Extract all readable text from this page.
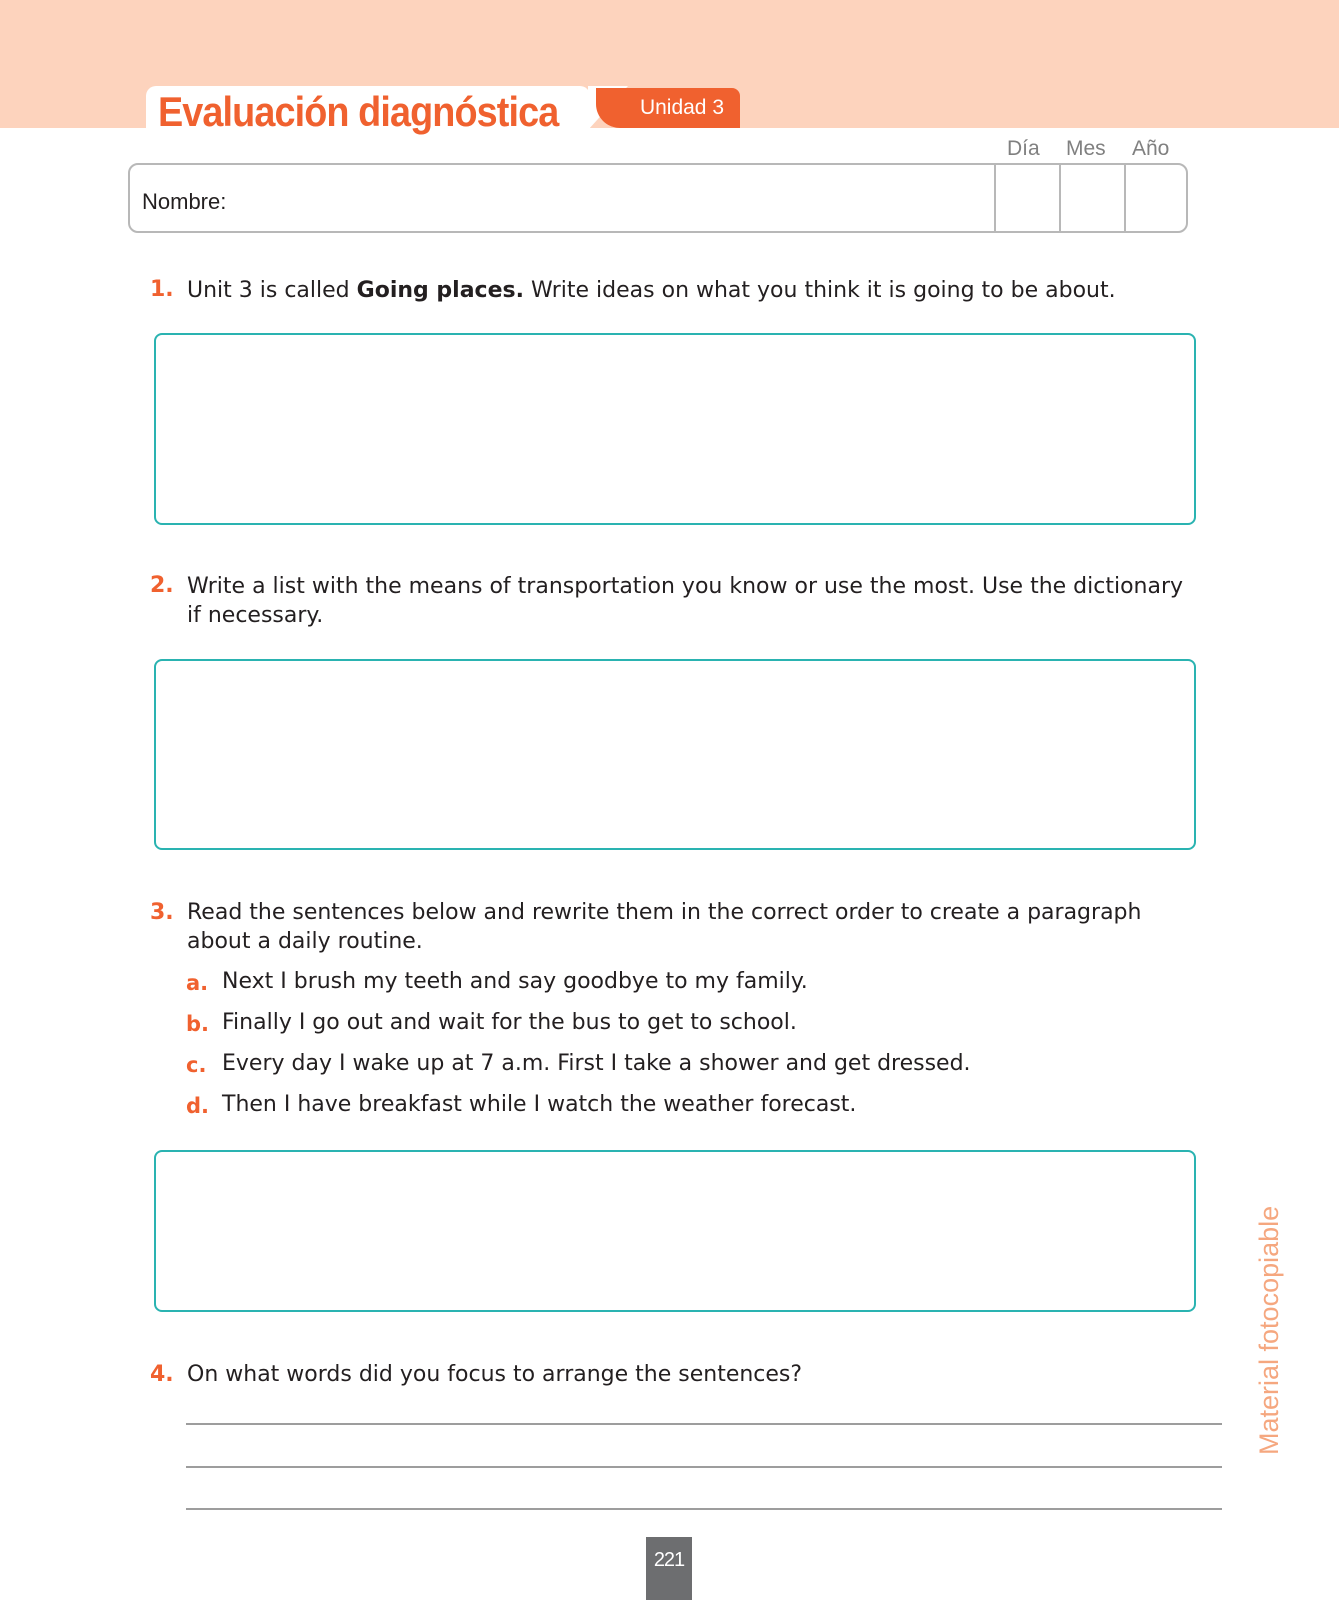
Evaluación diagnóstica	Unidad 3
Día Mes Año
Nombre:
1. Unit 3 is called Going places. Write ideas on what you think it is going to be about.
2. Write a list with the means of transportation you know or use the most. Use the dictionary
if necessary.
3. Read the sentences below and rewrite them in the correct order to create a paragraph
about a daily routine.
a. Next I brush my teeth and say goodbye to my family.
b. Finally I go out and wait for the bus to get to school.
c. Every day I wake up at 7 a.m. First I take a shower and get dressed.
d. Then I have breakfast while I watch the weather forecast.
4. On what words did you focus to arrange the sentences?	Material fotocopiable
221
